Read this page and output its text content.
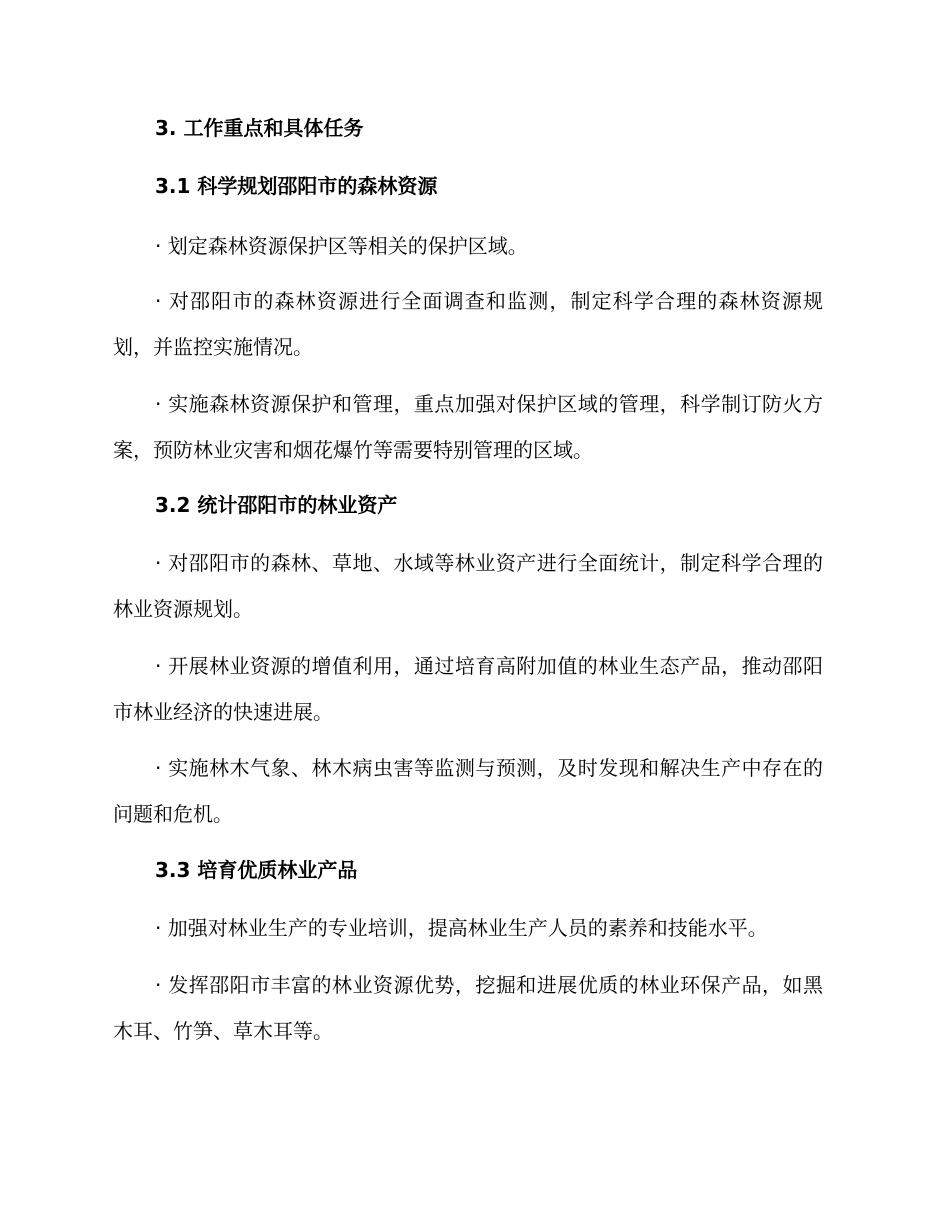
3. 工作重点和具体任务
3.1 科学规划邵阳市的森林资源

· 划定森林资源保护区等相关的保护区域。

· 对邵阳市的森林资源进行全面调查和监测，制定科学合理的森林资源规划，并监控实施情况。

· 实施森林资源保护和管理，重点加强对保护区域的管理，科学制订防火方案，预防林业灾害和烟花爆竹等需要特别管理的区域。

3.2 统计邵阳市的林业资产

· 对邵阳市的森林、草地、水域等林业资产进行全面统计，制定科学合理的林业资源规划。

· 开展林业资源的增值利用，通过培育高附加值的林业生态产品，推动邵阳市林业经济的快速进展。

· 实施林木气象、林木病虫害等监测与预测，及时发现和解决生产中存在的问题和危机。

3.3 培育优质林业产品

· 加强对林业生产的专业培训，提高林业生产人员的素养和技能水平。

· 发挥邵阳市丰富的林业资源优势，挖掘和进展优质的林业环保产品，如黑木耳、竹笋、草木耳等。
